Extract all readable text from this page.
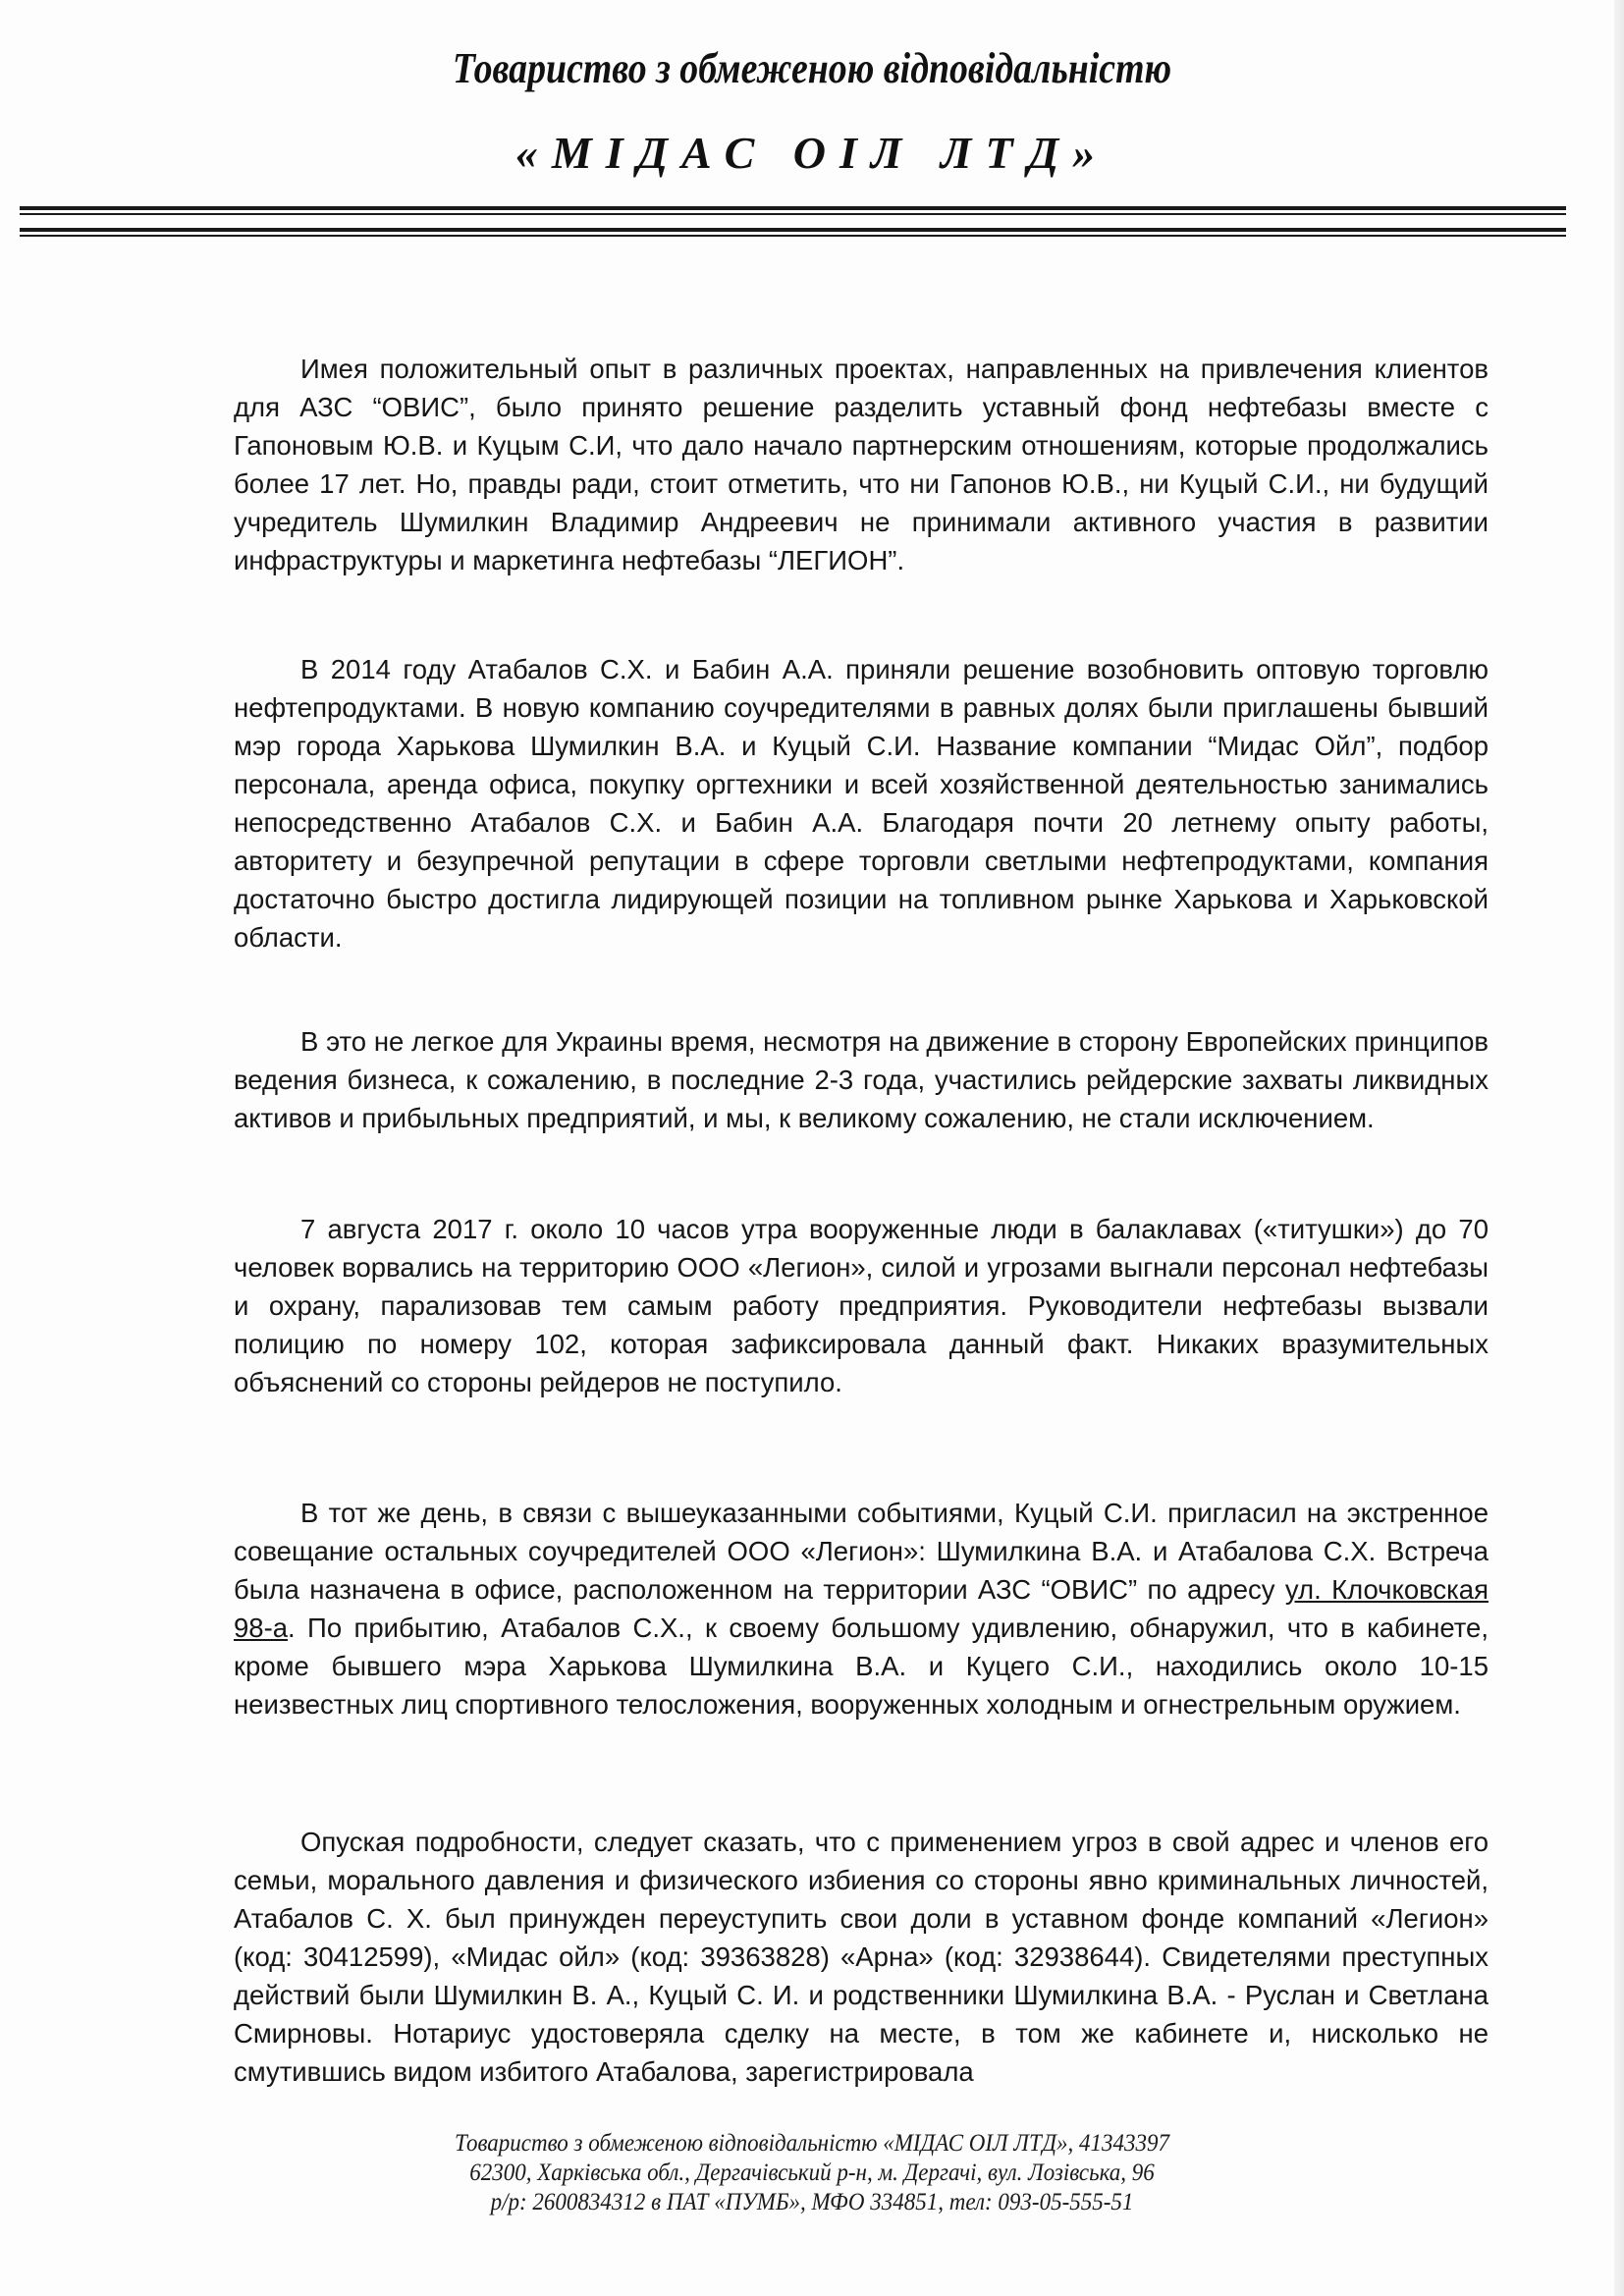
Товариство з обмеженою відповідальністю
«МІДАС ОІЛ ЛТД»

Имея положительный опыт в различных проектах, направленных на привлечения клиентов для АЗС “ОВИС”, было принято решение разделить уставный фонд нефтебазы вместе с Гапоновым Ю.В. и Куцым С.И, что дало начало партнерским отношениям, которые продолжались более 17 лет. Но, правды ради, стоит отметить, что ни Гапонов Ю.В., ни Куцый С.И., ни будущий учредитель Шумилкин Владимир Андреевич не принимали активного участия в развитии инфраструктуры и маркетинга нефтебазы “ЛЕГИОН”.

В 2014 году Атабалов С.Х. и Бабин А.А. приняли решение возобновить оптовую торговлю нефтепродуктами. В новую компанию соучредителями в равных долях были приглашены бывший мэр города Харькова Шумилкин В.А. и Куцый С.И. Название компании “Мидас Ойл”, подбор персонала, аренда офиса, покупку оргтехники и всей хозяйственной деятельностью занимались непосредственно Атабалов С.Х. и Бабин А.А. Благодаря почти 20 летнему опыту работы, авторитету и безупречной репутации в сфере торговли светлыми нефтепродуктами, компания достаточно быстро достигла лидирующей позиции на топливном рынке Харькова и Харьковской области.

В это не легкое для Украины время, несмотря на движение в сторону Европейских принципов ведения бизнеса, к сожалению, в последние 2-3 года, участились рейдерские захваты ликвидных активов и прибыльных предприятий, и мы, к великому сожалению, не стали исключением.

7 августа 2017 г. около 10 часов утра вооруженные люди в балаклавах («титушки») до 70 человек ворвались на территорию ООО «Легион», силой и угрозами выгнали персонал нефтебазы и охрану, парализовав тем самым работу предприятия. Руководители нефтебазы вызвали полицию по номеру 102, которая зафиксировала данный факт. Никаких вразумительных объяснений со стороны рейдеров не поступило.

В тот же день, в связи с вышеуказанными событиями, Куцый С.И. пригласил на экстренное совещание остальных соучредителей ООО «Легион»: Шумилкина В.А. и Атабалова С.Х. Встреча была назначена в офисе, расположенном на территории АЗС “ОВИС” по адресу ул. Клочковская 98-а. По прибытию, Атабалов С.Х., к своему большому удивлению, обнаружил, что в кабинете, кроме бывшего мэра Харькова Шумилкина В.А. и Куцего С.И., находились около 10-15 неизвестных лиц спортивного телосложения, вооруженных холодным и огнестрельным оружием.

Опуская подробности, следует сказать, что с применением угроз в свой адрес и членов его семьи, морального давления и физического избиения со стороны явно криминальных личностей, Атабалов С. Х. был принужден переуступить свои доли в уставном фонде компаний «Легион» (код: 30412599), «Мидас ойл» (код: 39363828) «Арна» (код: 32938644). Свидетелями преступных действий были Шумилкин В. А., Куцый С. И. и родственники Шумилкина В.А. - Руслан и Светлана Смирновы. Нотариус удостоверяла сделку на месте, в том же кабинете и, нисколько не смутившись видом избитого Атабалова, зарегистрировала

Товариство з обмеженою відповідальністю «МІДАС ОІЛ ЛТД», 41343397
62300, Харківська обл., Дергачівський р-н, м. Дергачі, вул. Лозівська, 96
р/р: 2600834312 в ПАТ «ПУМБ», МФО 334851, тел: 093-05-555-51
